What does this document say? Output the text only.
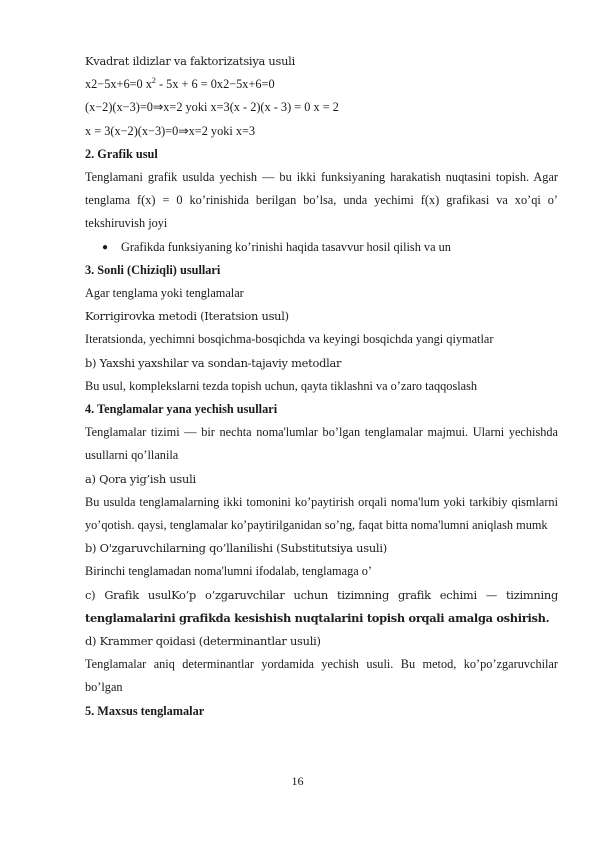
Kvadrat ildizlar va faktorizatsiya usuli
x2−5x+6=0 $x^2 - 5x + 6 = 0x2-5x+6=0$
(x−2)(x−3)=0⇒x=2 yoki x=3(x - 2)(x - 3) = 0 x = 2
x = 3(x−2)(x−3)=0⇒x=2 yoki x=3
2. Grafik usul
Tenglamani grafik usulda yechish — bu ikki funksiyaning harakatish nuqtasini topish. Agar tenglama f(x) = 0 ko’rinishida berilgan bo’lsa, unda yechimi f(x) grafikasi va xo’qi o’ tekshiruvish joyi
● Grafikda funksiyaning ko’rinishi haqida tasavvur hosil qilish va un
3. Sonli (Chiziqli) usullari
Agar tenglama yoki tenglamalar
Korrigirovka metodi (Iteratsion usul)
Iteratsionda, yechimni bosqichma-bosqichda va keyingi bosqichda yangi qiymatlar
b) Yaxshi yaxshilar va sondan-tajaviy metodlar
Bu usul, komplekslarni tezda topish uchun, qayta tiklashni va o’zaro taqqoslash
4. Tenglamalar yana yechish usullari
Tenglamalar tizimi — bir nechta noma'lumlar bo’lgan tenglamalar majmui. Ularni yechishda usullarni qo’llanila
a) Qora yig’ish usuli
Bu usulda tenglamalarning ikki tomonini ko’paytirish orqali noma'lum yoki tarkibiy qismlarni yo’qotish. qaysi, tenglamalar ko’paytirilganidan so’ng, faqat bitta noma'lumni aniqlash mumk
b) O'zgaruvchilarning qo’llanilishi (Substitutsiya usuli)
Birinchi tenglamadan noma'lumni ifodalab, tenglamaga o’
c) Grafik usulKo’p o’zgaruvchilar uchun tizimning grafik echimi — tizimning
tenglamalarini grafikda kesishish nuqtalarini topish orqali amalga oshirish.
d) Krammer qoidasi (determinantlar usuli)
Tenglamalar aniq determinantlar yordamida yechish usuli. Bu metod, ko’po’zgaruvchilar bo’lgan
5. Maxsus tenglamalar
16
